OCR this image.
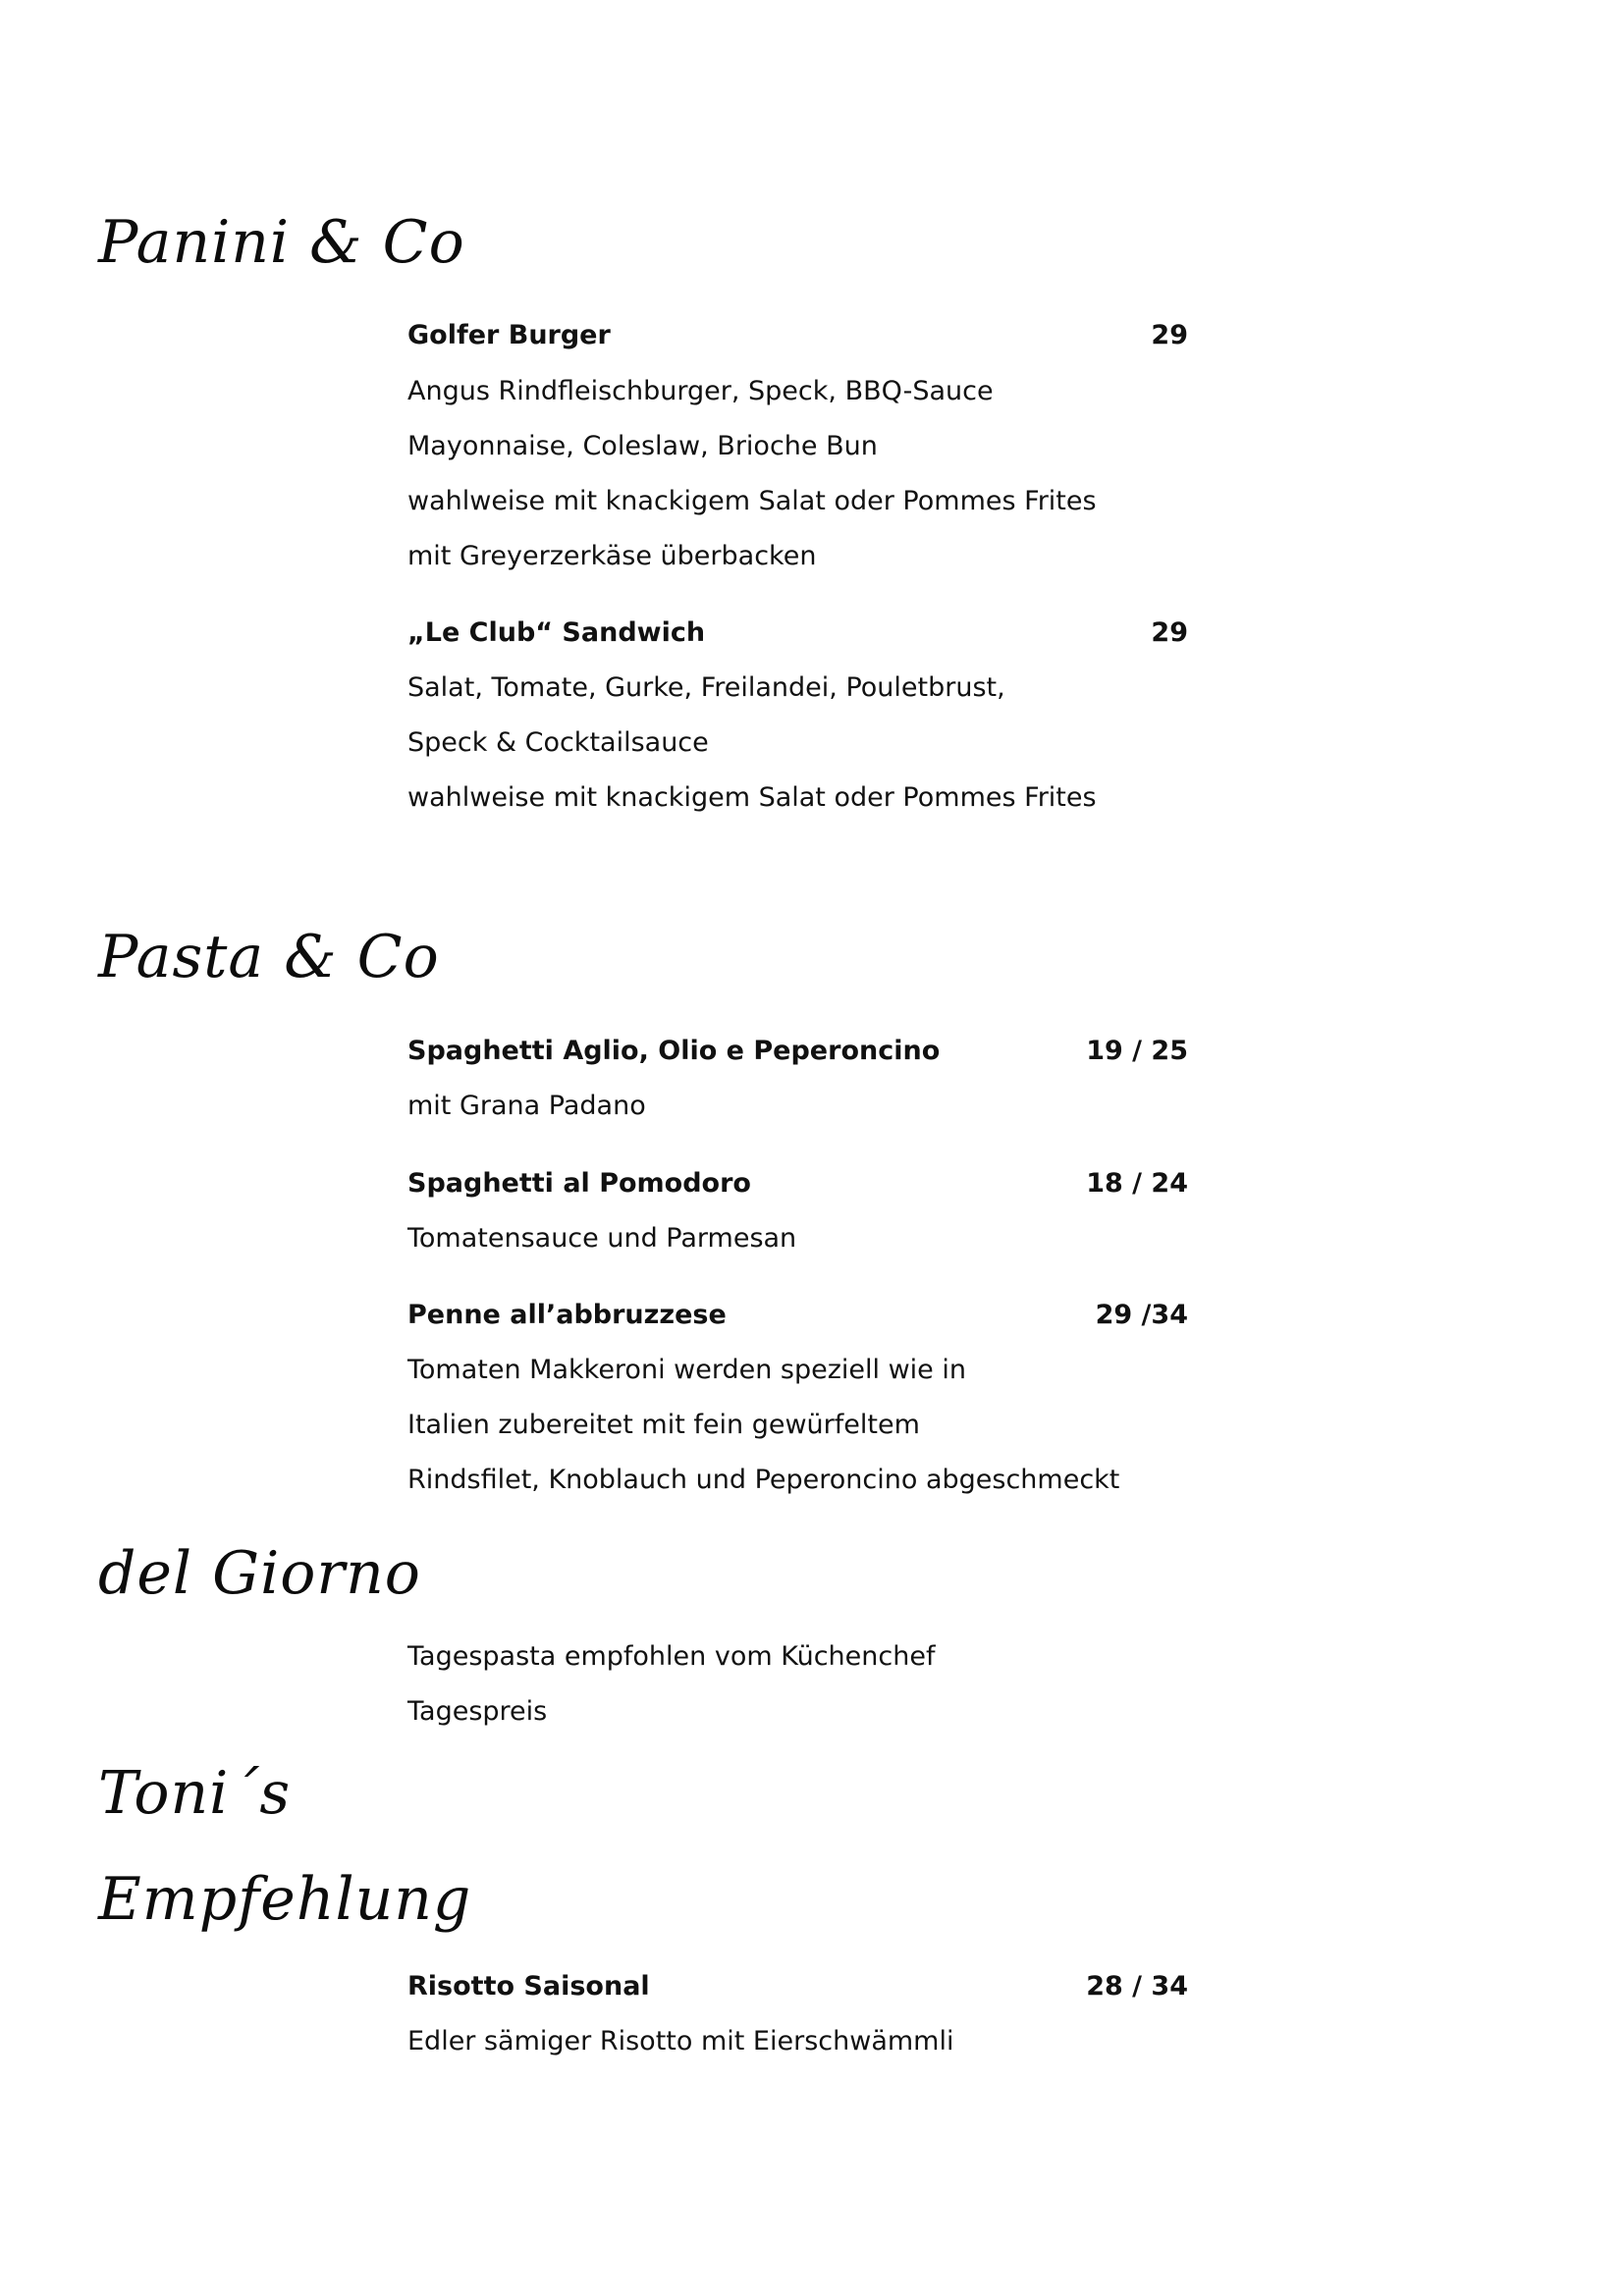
Panini & Co
Pasta & Co
del Giorno
Toni´s
Empfehlung
Golfer Burger	29
Angus Rindfleischburger, Speck, BBQ-Sauce
Mayonnaise, Coleslaw, Brioche Bun
wahlweise mit knackigem Salat oder Pommes Frites
mit Greyerzerkäse überbacken
„Le Club“ Sandwich	29
Salat, Tomate, Gurke, Freilandei, Pouletbrust,
Speck & Cocktailsauce
wahlweise mit knackigem Salat oder Pommes Frites
Spaghetti Aglio, Olio e Peperoncino	19 / 25
mit Grana Padano
Spaghetti al Pomodoro	18 / 24
Tomatensauce und Parmesan
Penne all’abbruzzese	29 /34
Tomaten Makkeroni werden speziell wie in
Italien zubereitet mit fein gewürfeltem
Rindsfilet, Knoblauch und Peperoncino abgeschmeckt
Tagespasta empfohlen vom Küchenchef
Tagespreis
Risotto Saisonal	28 / 34
Edler sämiger Risotto mit Eierschwämmli
